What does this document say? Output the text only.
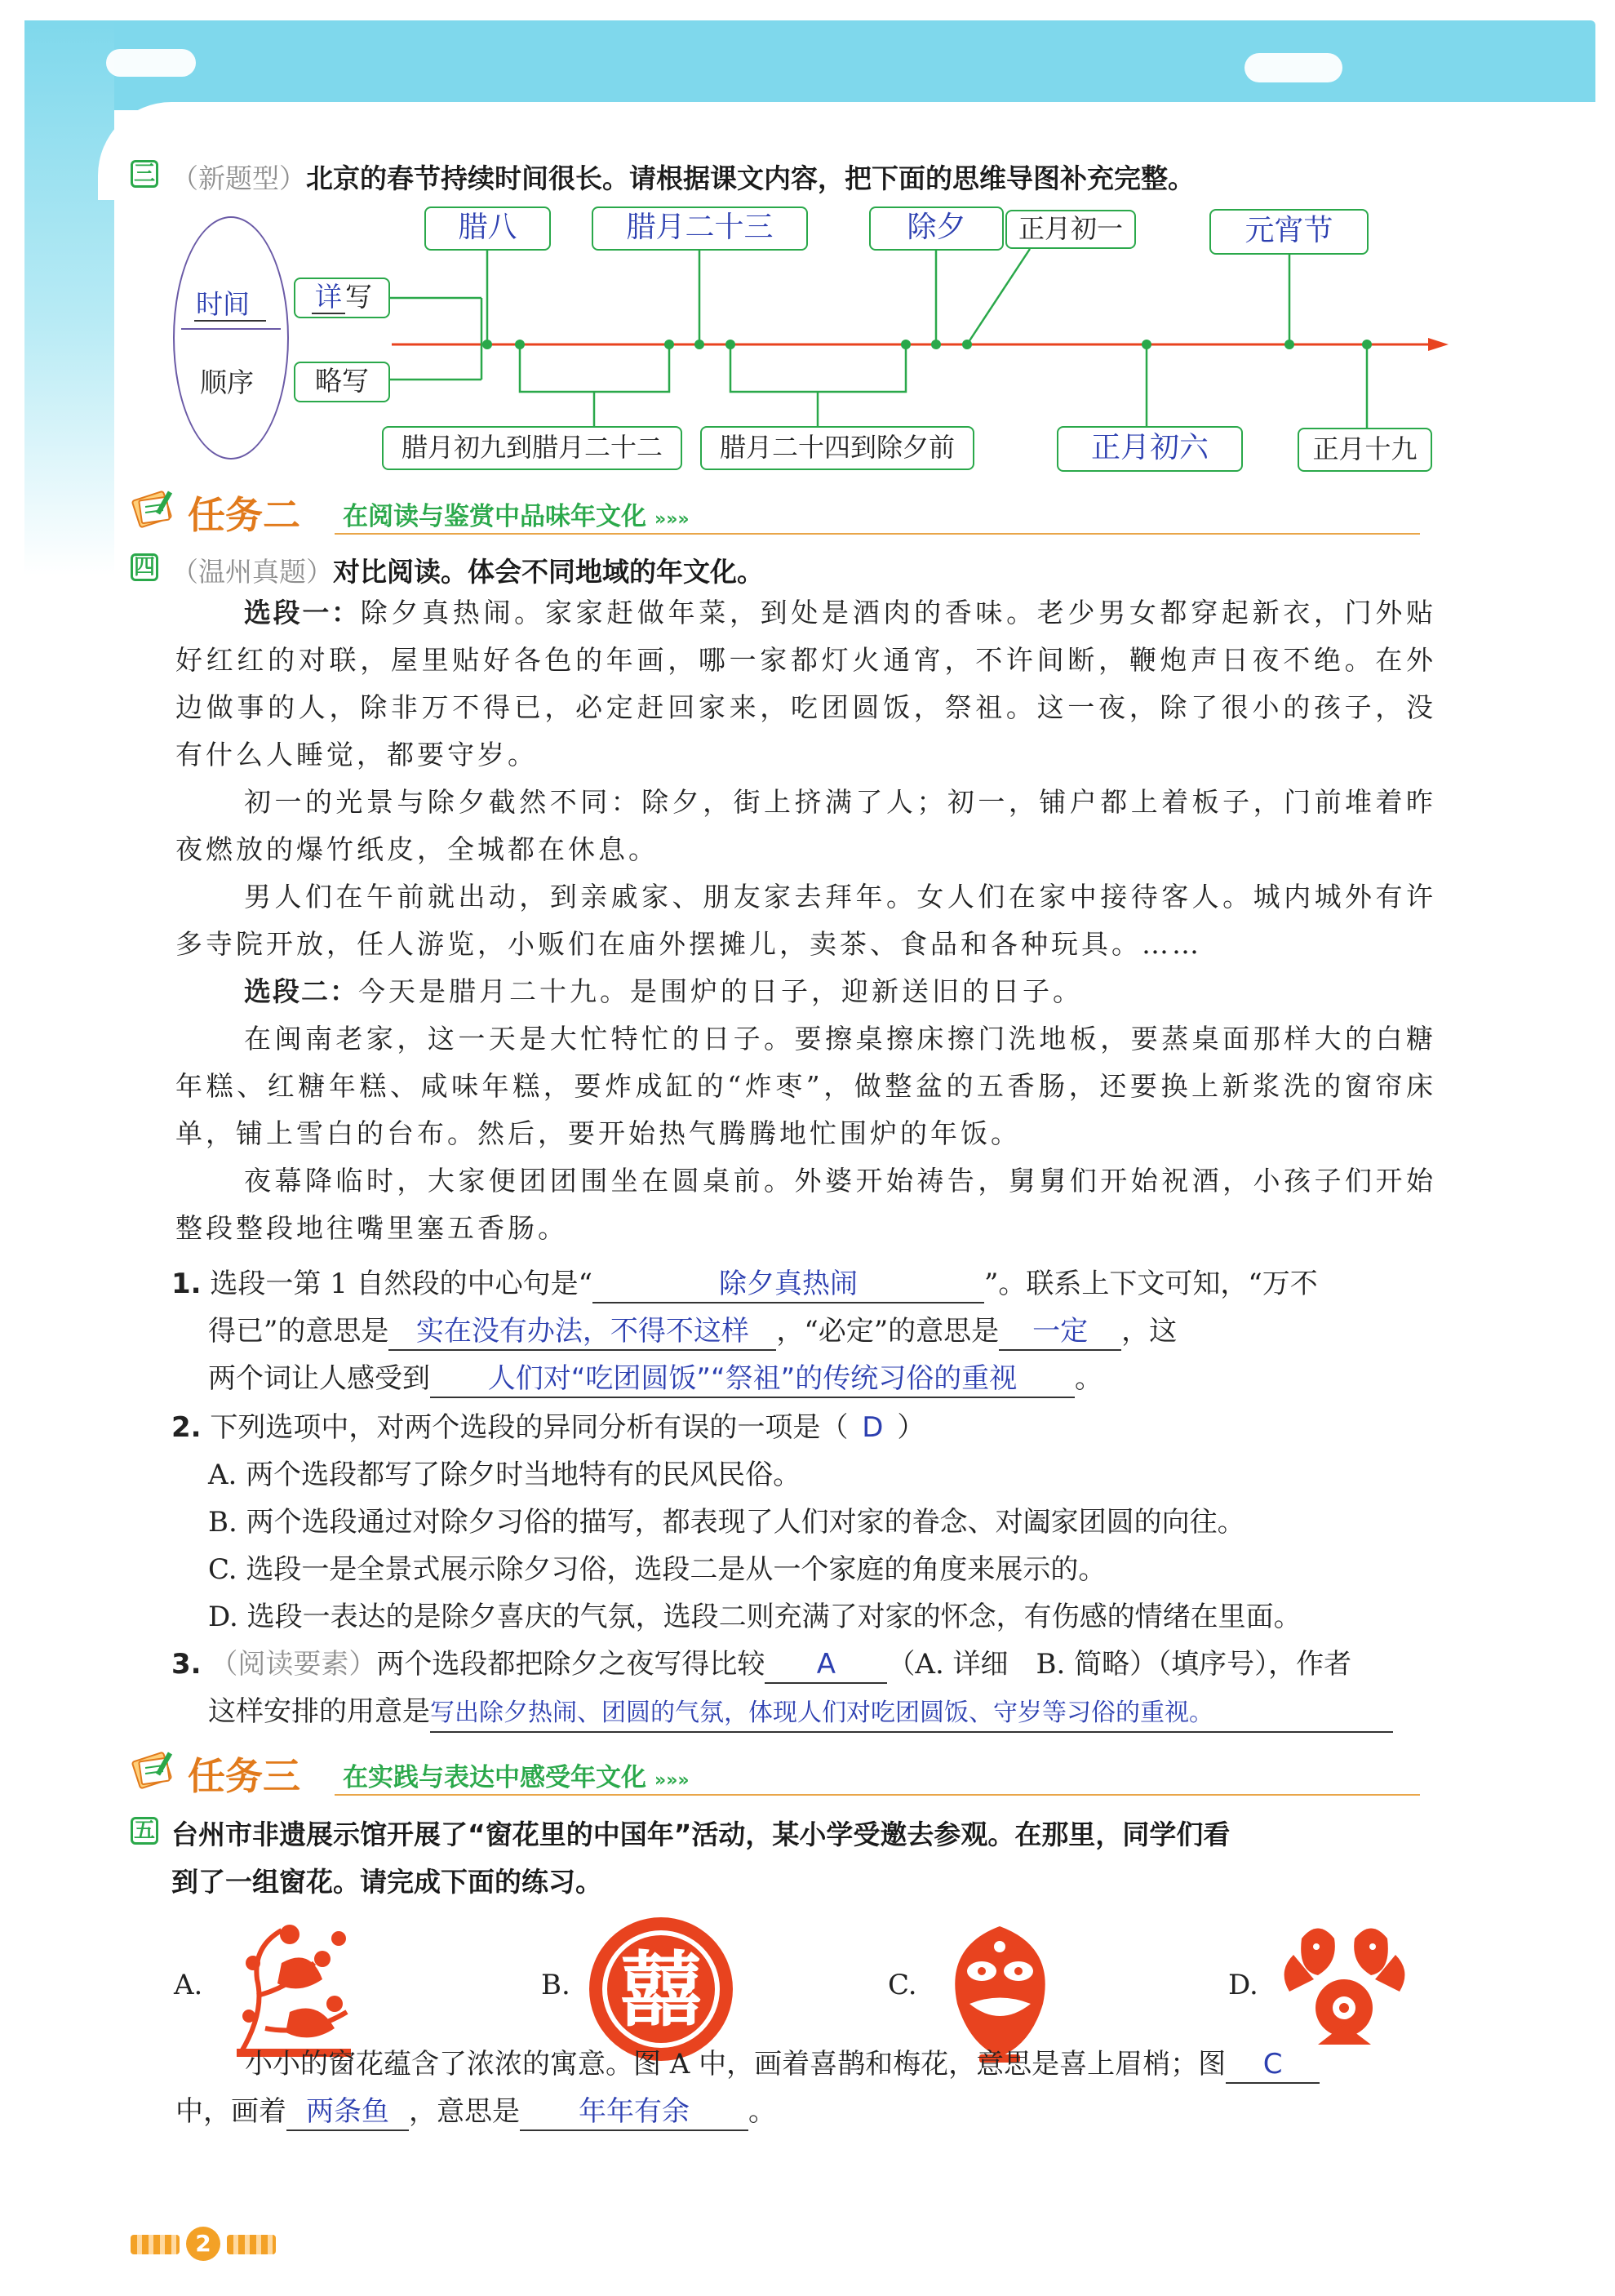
三 （新题型）北京的春节持续时间很长。请根据课文内容，把下面的思维导图补充完整。
时间
顺序
详 写
略写
腊八	腊月二十三	除夕	正月初一	元宵节
腊月初九到腊月二十二	腊月二十四到除夕前	正月初六	正月十九
任务二 在阅读与鉴赏中品味年文化 »»»
四 （温州真题）对比阅读。体会不同地域的年文化。
选段一：除夕真热闹。家家赶做年菜，到处是酒肉的香味。老少男女都穿起新衣，门外贴好红红的对联，屋里贴好各色的年画，哪一家都灯火通宵，不许间断，鞭炮声日夜不绝。在外边做事的人，除非万不得已，必定赶回家来，吃团圆饭，祭祖。这一夜，除了很小的孩子，没有什么人睡觉，都要守岁。
初一的光景与除夕截然不同：除夕，街上挤满了人；初一，铺户都上着板子，门前堆着昨夜燃放的爆竹纸皮，全城都在休息。
男人们在午前就出动，到亲戚家、朋友家去拜年。女人们在家中接待客人。城内城外有许多寺院开放，任人游览，小贩们在庙外摆摊儿，卖茶、食品和各种玩具。……
选段二：今天是腊月二十九。是围炉的日子，迎新送旧的日子。
在闽南老家，这一天是大忙特忙的日子。要擦桌擦床擦门洗地板，要蒸桌面那样大的白糖年糕、红糖年糕、咸味年糕，要炸成缸的“炸枣”，做整盆的五香肠，还要换上新浆洗的窗帘床单，铺上雪白的台布。然后，要开始热气腾腾地忙围炉的年饭。
夜幕降临时，大家便团团围坐在圆桌前。外婆开始祷告，舅舅们开始祝酒，小孩子们开始整段整段地往嘴里塞五香肠。
1. 选段一第 1 自然段的中心句是“	除夕真热闹	”。联系上下文可知，“万不
得已”的意思是 实在没有办法，不得不这样 ，“必定”的意思是 一定 ，这
两个词让人感受到 人们对“吃团圆饭”“祭祖”的传统习俗的重视 。
2. 下列选项中，对两个选段的异同分析有误的一项是（ D ）
A. 两个选段都写了除夕时当地特有的民风民俗。
B. 两个选段通过对除夕习俗的描写，都表现了人们对家的眷念、对阖家团圆的向往。
C. 选段一是全景式展示除夕习俗，选段二是从一个家庭的角度来展示的。
D. 选段一表达的是除夕喜庆的气氛，选段二则充满了对家的怀念，有伤感的情绪在里面。
3. （阅读要素）两个选段都把除夕之夜写得比较 A （A. 详细　B. 简略）（填序号），作者
这样安排的用意是写出除夕热闹、团圆的气氛，体现人们对吃团圆饭、守岁等习俗的重视。
任务三 在实践与表达中感受年文化 »»»
五 台州市非遗展示馆开展了“窗花里的中国年”活动，某小学受邀去参观。在那里，同学们看
到了一组窗花。请完成下面的练习。
A.	B. 囍	C.	D.
小小的窗花蕴含了浓浓的寓意。图 A 中，画着喜鹊和梅花，意思是喜上眉梢；图 C
中，画着 两条鱼 ，意思是 年年有余 。
2
